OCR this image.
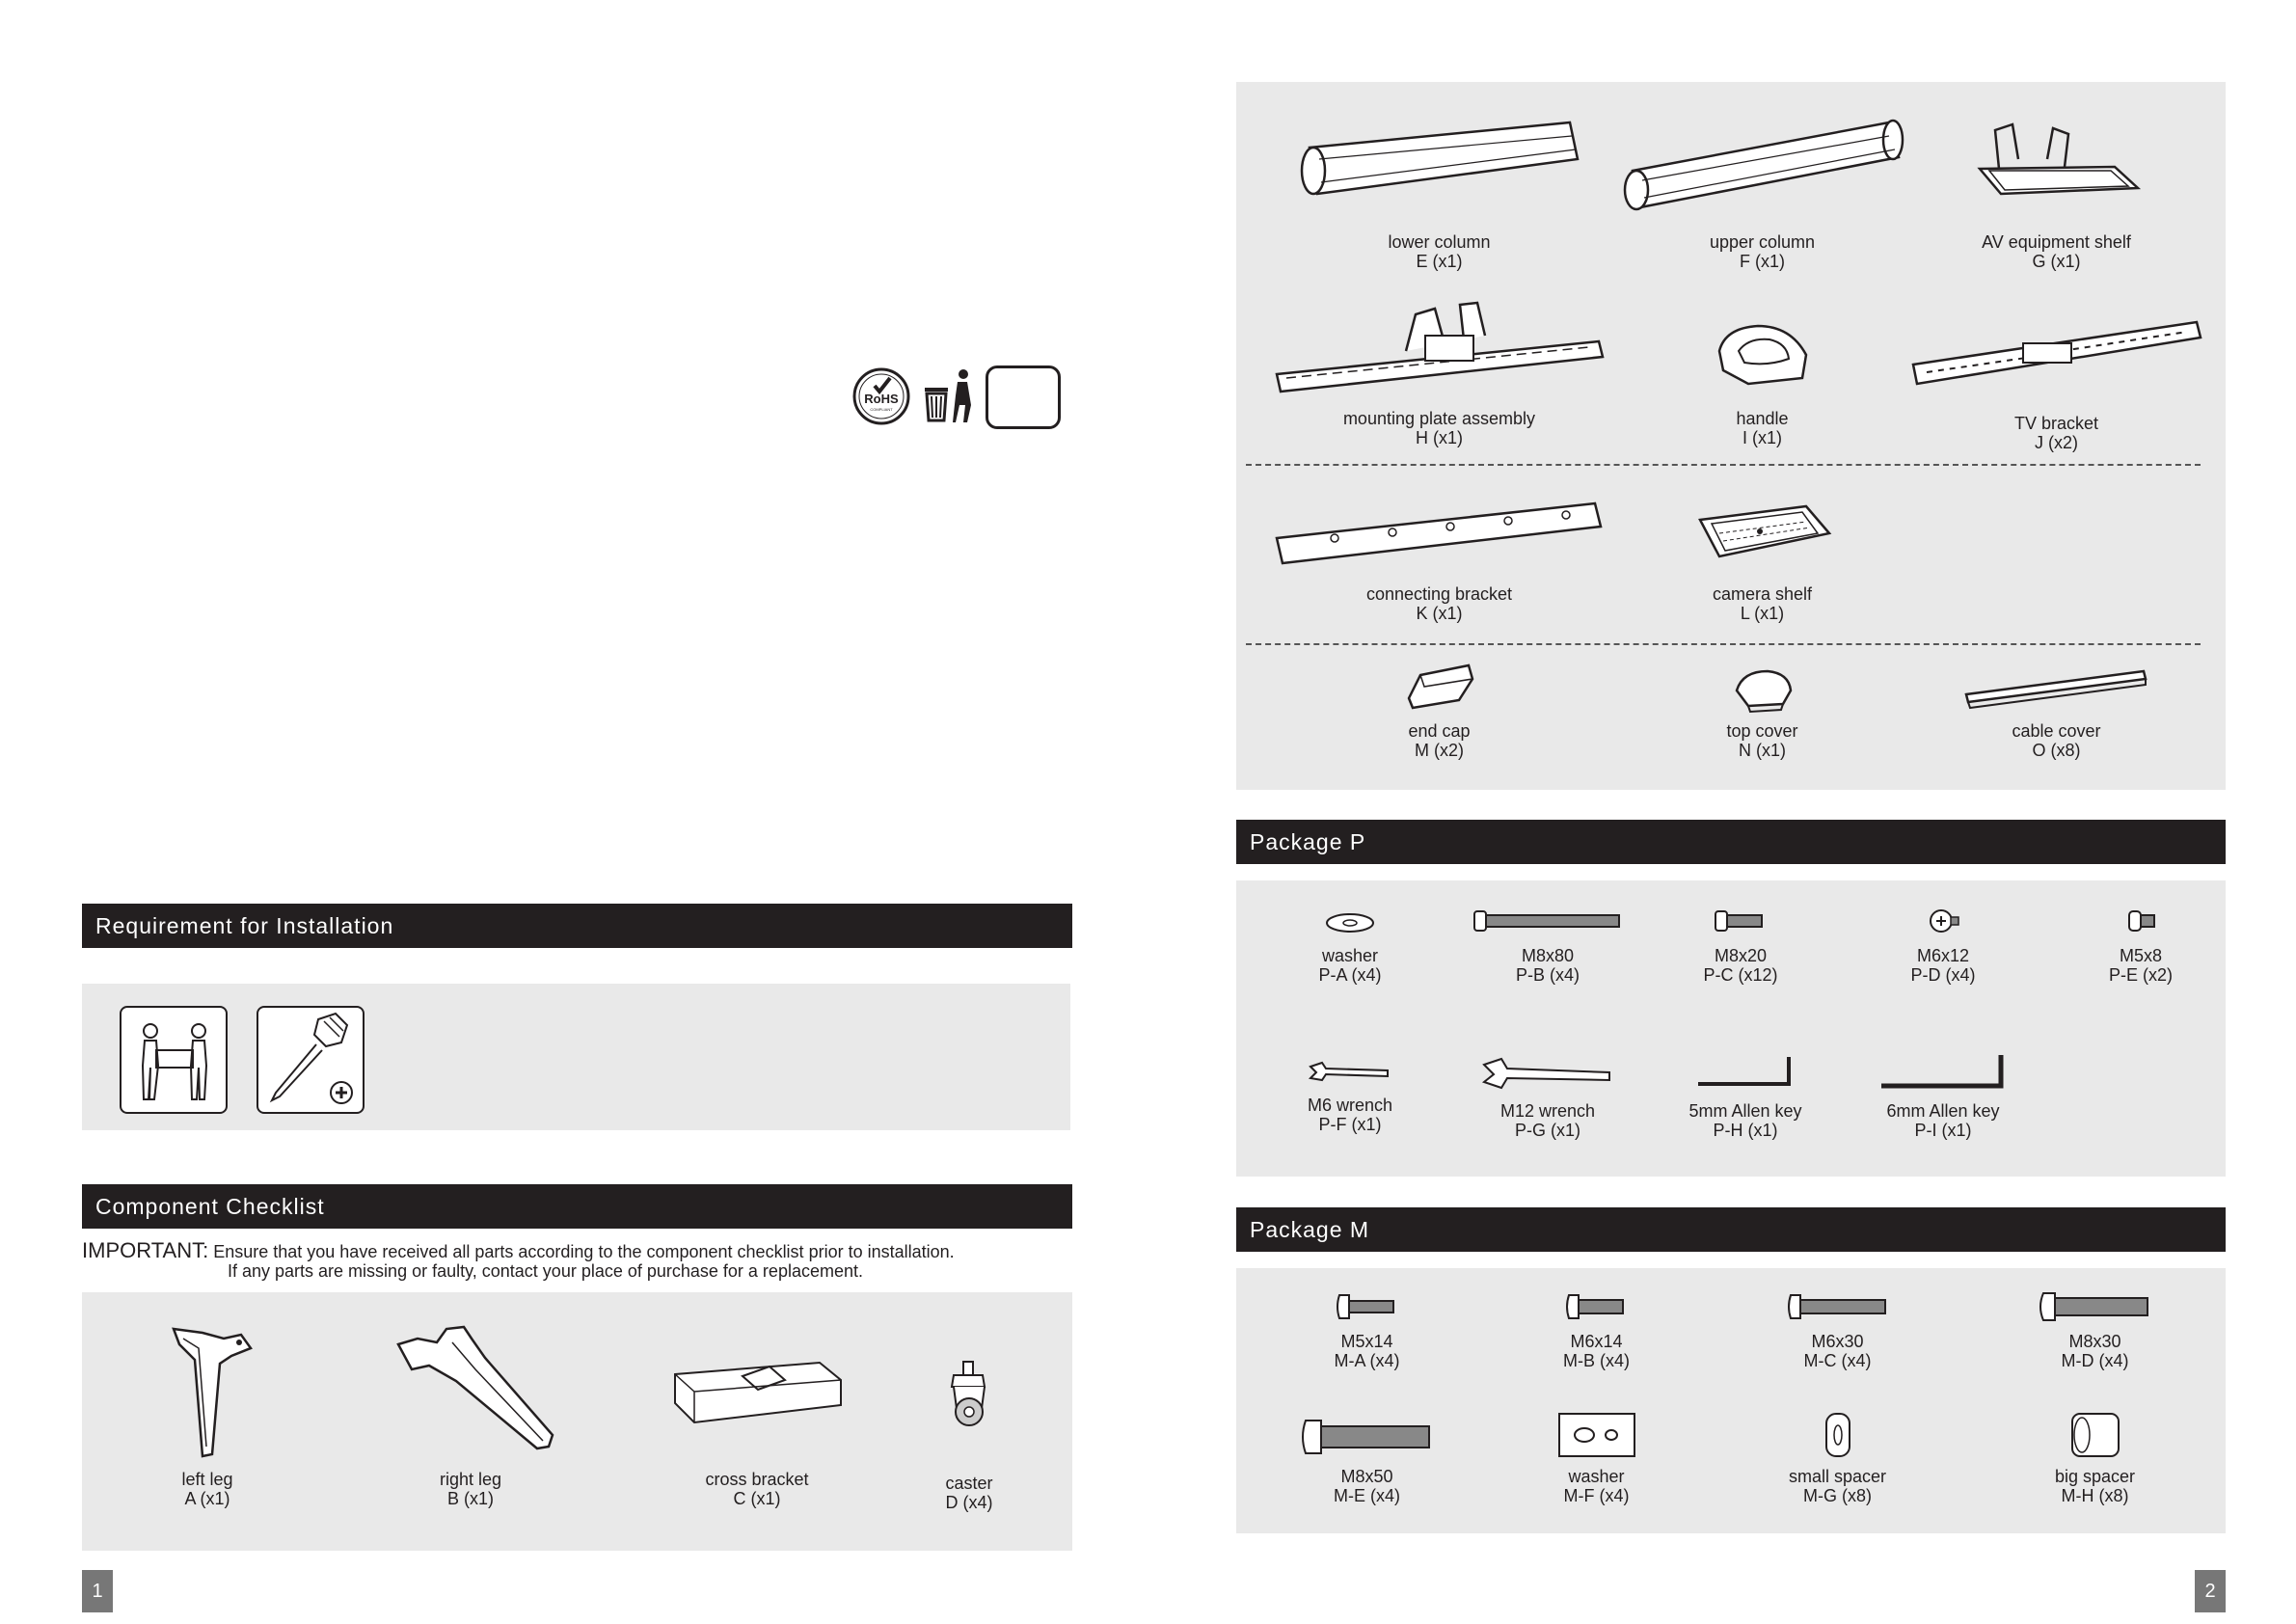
RoHS
COMPLIANT
Requirement for Installation
Component Checklist
IMPORTANT: Ensure that you have received all parts according to the component checklist prior to installation.
If any parts are missing or faulty, contact your place of purchase for a replacement.
left leg
A (x1)
right leg
B (x1)
cross bracket
C (x1)
caster
D (x4)
1
lower column
E (x1)
upper column
F (x1)
AV equipment shelf
G (x1)
mounting plate assembly
H (x1)
handle
I (x1)
TV bracket
J (x2)
connecting bracket
K (x1)
camera shelf
L (x1)
end cap
M (x2)
top cover
N (x1)
cable cover
O (x8)
Package P
washer
P-A (x4)
M8x80
P-B (x4)
M8x20
P-C (x12)
M6x12
P-D (x4)
M5x8
P-E (x2)
M6 wrench
P-F (x1)
M12 wrench
P-G (x1)
5mm Allen key
P-H (x1)
6mm Allen key
P-I (x1)
Package M
M5x14
M-A (x4)
M6x14
M-B (x4)
M6x30
M-C (x4)
M8x30
M-D (x4)
M8x50
M-E (x4)
washer
M-F (x4)
small spacer
M-G (x8)
big spacer
M-H (x8)
2
